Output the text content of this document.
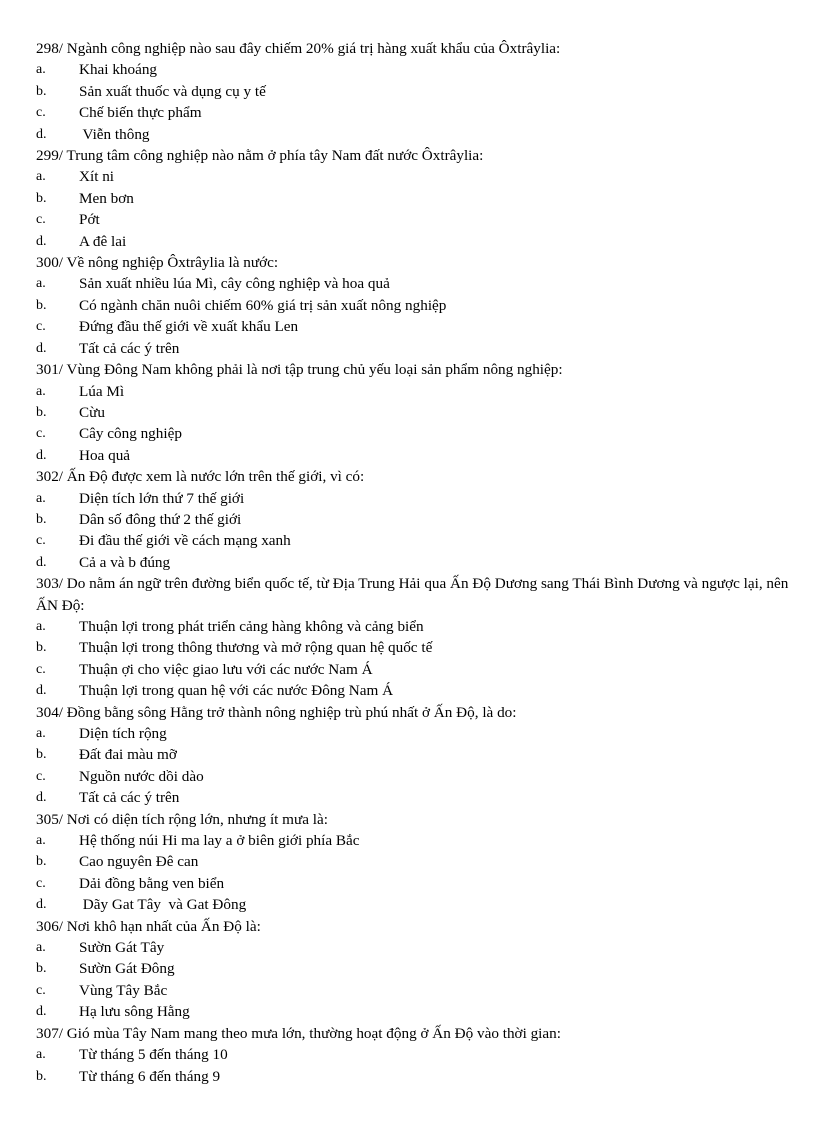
298/ Ngành công nghiệp nào sau đây chiếm 20% giá trị hàng xuất khẩu của Ôxtrâylia:
a.	Khai khoáng
b.	Sản xuất thuốc và dụng cụ y tế
c.	Chế biến thực phẩm
d.	Viễn thông
299/ Trung tâm công nghiệp nào nằm ở phía tây Nam đất nước Ôxtrâylia:
a.	Xít ni
b.	Men bơn
c.	Pớt
d.	A đê lai
300/ Về nông nghiệp Ôxtrâylia là nước:
a.	Sản xuất nhiều lúa Mì, cây công nghiệp và hoa quả
b.	Có ngành chăn nuôi chiếm 60% giá trị sản xuất nông nghiệp
c.	Đứng đầu thế giới về xuất khẩu Len
d.	Tất cả các ý trên
301/ Vùng Đông Nam không phải là nơi tập trung chủ yếu loại sản phẩm nông nghiệp:
a.	Lúa Mì
b.	Cừu
c.	Cây công nghiệp
d.	Hoa quả
302/ Ấn Độ được xem là nước lớn trên thế giới, vì có:
a.	Diện tích lớn thứ 7 thế giới
b.	Dân số đông thứ 2 thế giới
c.	Đi đầu thế giới về cách mạng xanh
d.	Cả a và b đúng
303/ Do nằm án ngữ trên đường biển quốc tế, từ Địa Trung Hải qua Ấn Độ Dương sang Thái Bình Dương và ngược lại, nên ẤN Độ:
a.	Thuận lợi trong phát triển cảng hàng không và cảng biển
b.	Thuận lợi trong thông thương và mở rộng quan hệ quốc tế
c.	Thuận ợi cho việc giao lưu với các nước Nam Á
d.	Thuận lợi trong quan hệ với các nước Đông Nam Á
304/ Đồng bằng sông Hằng trở thành nông nghiệp trù phú nhất ở Ấn Độ, là do:
a.	Diện tích rộng
b.	Đất đai màu mỡ
c.	Nguồn nước dồi dào
d.	Tất cả các ý trên
305/ Nơi có diện tích rộng lớn, nhưng ít mưa là:
a.	Hệ thống núi Hi ma lay a ở biên giới phía Bắc
b.	Cao nguyên Đê can
c.	Dải đồng bằng ven biển
d.	Dãy Gat Tây  và Gat Đông
306/ Nơi khô hạn nhất của Ấn Độ là:
a.	Sườn Gát Tây
b.	Sườn Gát Đông
c.	Vùng Tây Bắc
d.	Hạ lưu sông Hằng
307/ Gió mùa Tây Nam mang theo mưa lớn, thường hoạt động ở Ấn Độ vào thời gian:
a.	Từ tháng 5 đến tháng 10
b.	Từ tháng 6 đến tháng 9
